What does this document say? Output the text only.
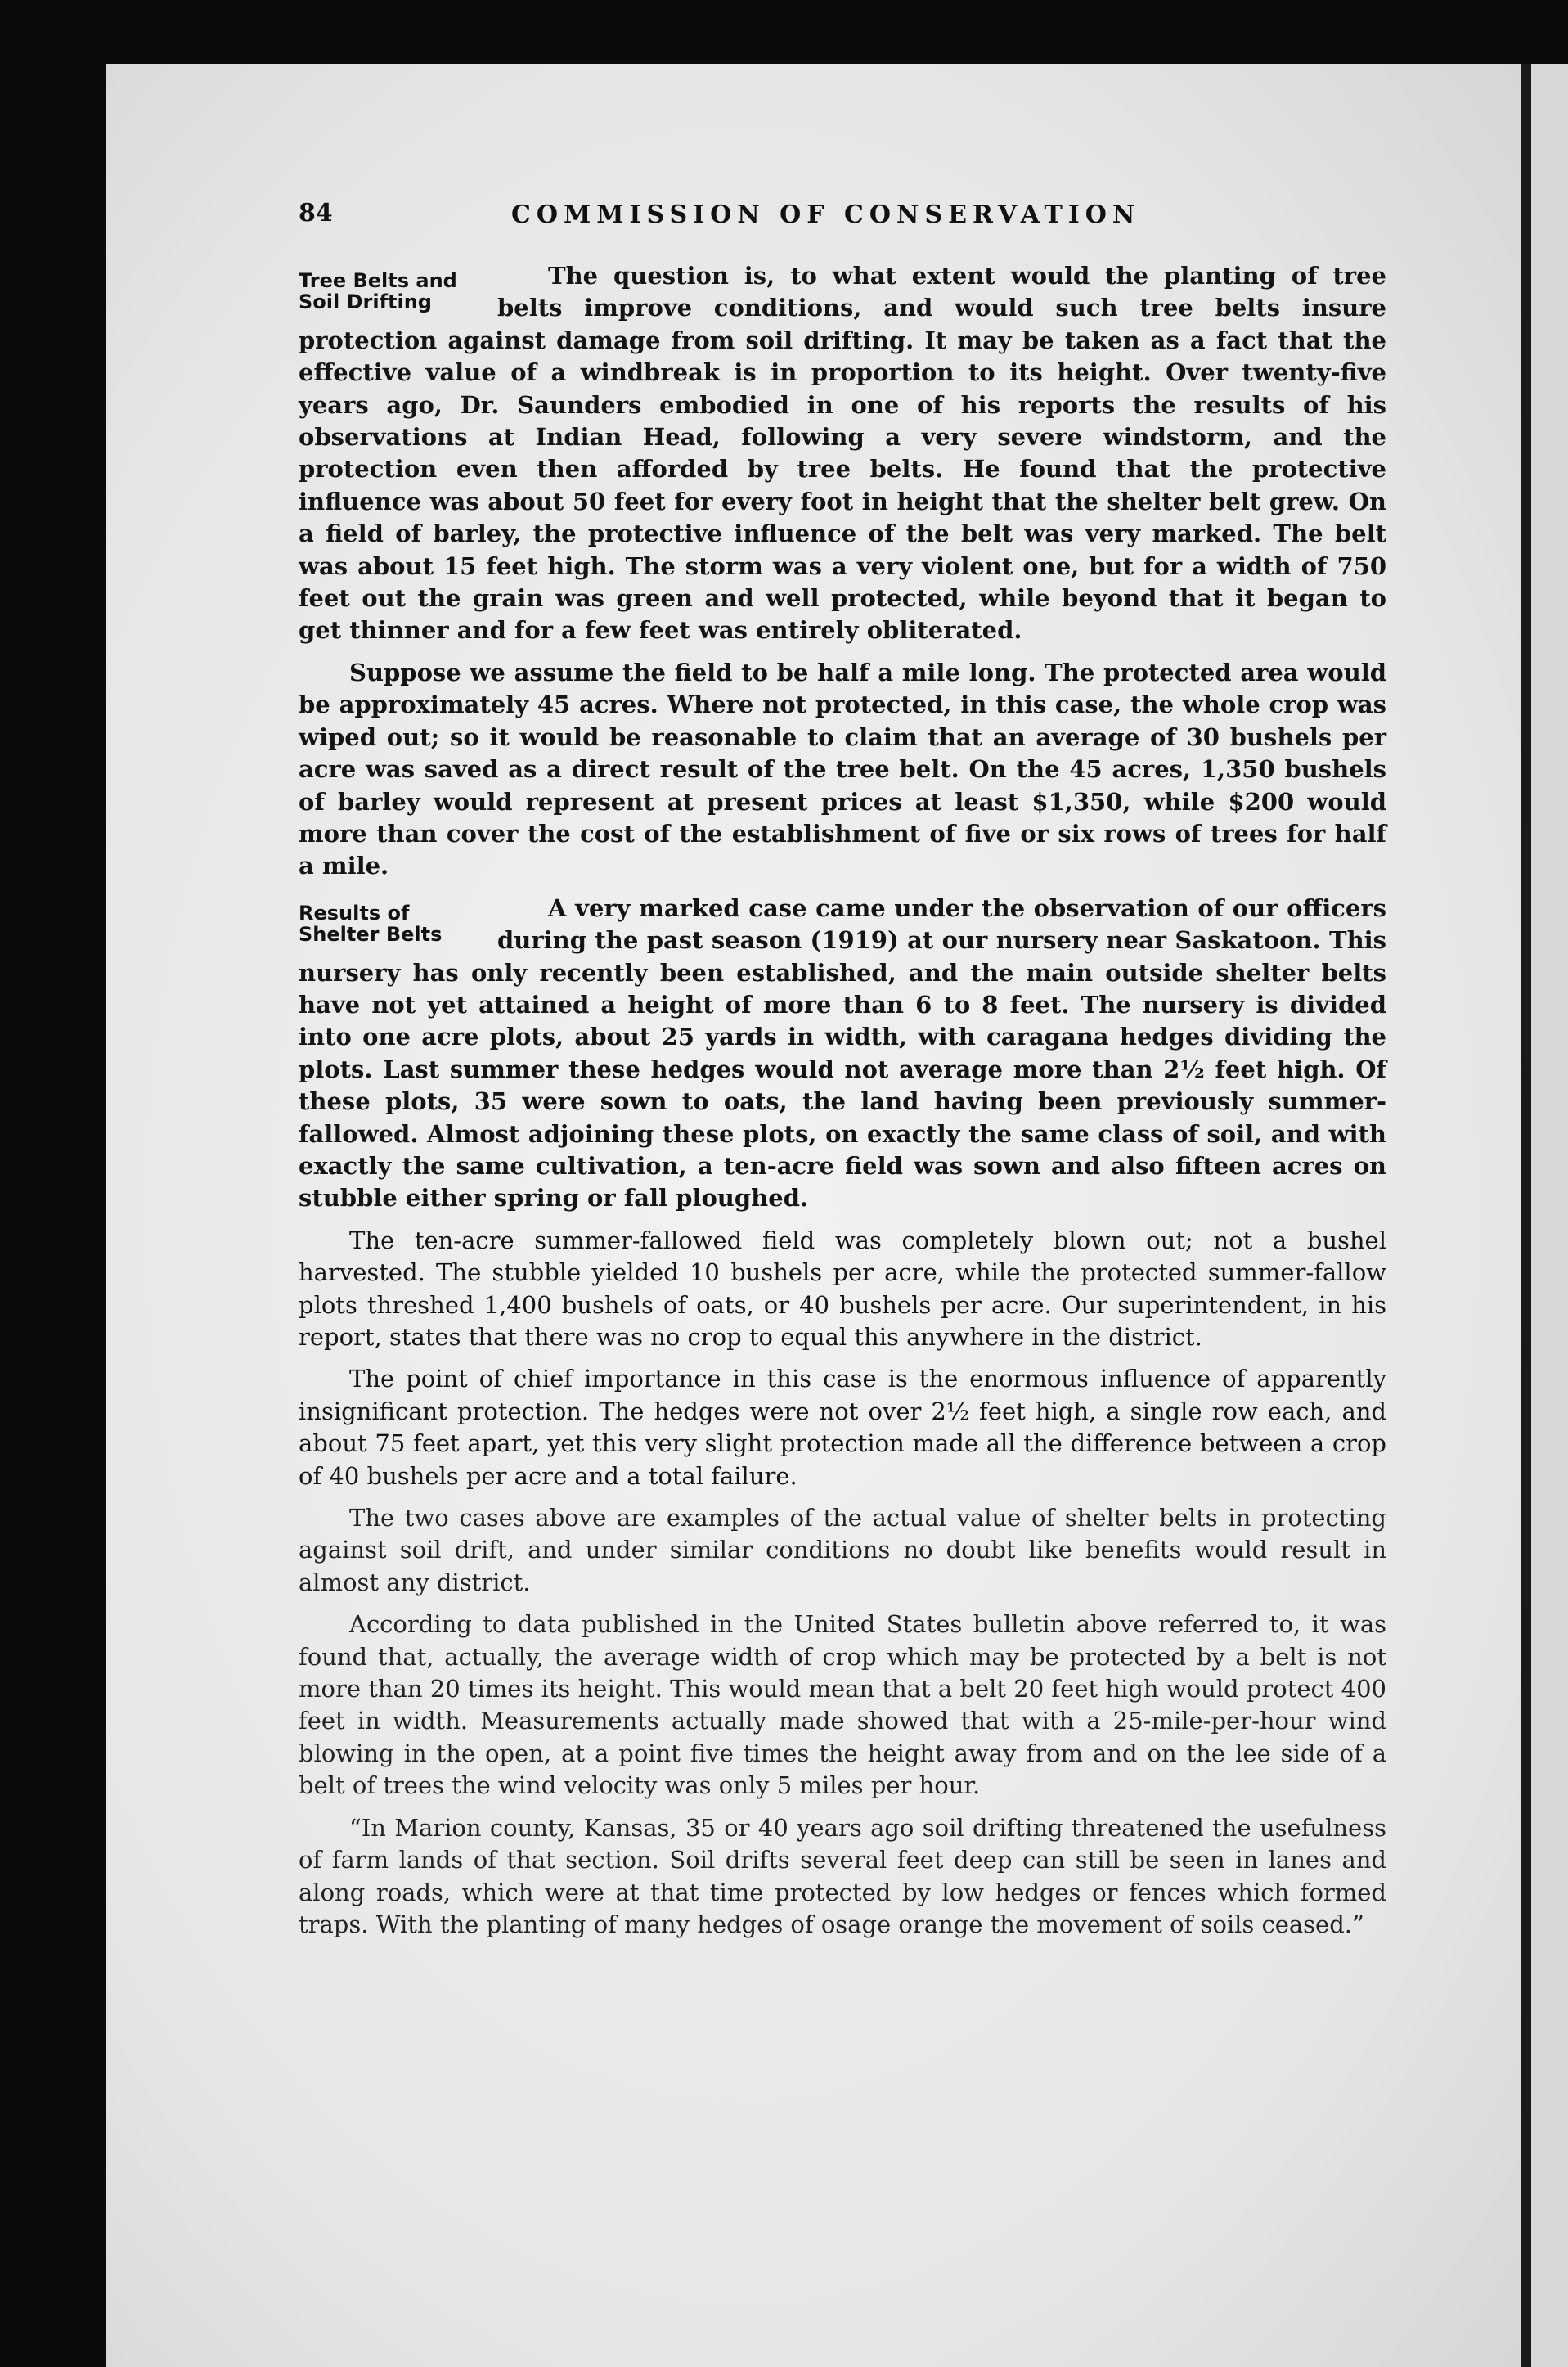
84	COMMISSION OF CONSERVATION

Tree Belts and
Soil Drifting
The question is, to what extent would the planting of tree belts improve conditions, and would such tree belts insure protection against damage from soil drifting. It may be taken as a fact that the effective value of a windbreak is in proportion to its height. Over twenty-five years ago, Dr. Saunders embodied in one of his reports the results of his observations at Indian Head, following a very severe windstorm, and the protection even then afforded by tree belts. He found that the protective influence was about 50 feet for every foot in height that the shelter belt grew. On a field of barley, the protective influence of the belt was very marked. The belt was about 15 feet high. The storm was a very violent one, but for a width of 750 feet out the grain was green and well protected, while beyond that it began to get thinner and for a few feet was entirely obliterated.

Suppose we assume the field to be half a mile long. The protected area would be approximately 45 acres. Where not protected, in this case, the whole crop was wiped out; so it would be reasonable to claim that an average of 30 bushels per acre was saved as a direct result of the tree belt. On the 45 acres, 1,350 bushels of barley would represent at present prices at least $1,350, while $200 would more than cover the cost of the establishment of five or six rows of trees for half a mile.

Results of
Shelter Belts
A very marked case came under the observation of our officers during the past season (1919) at our nursery near Saskatoon. This nursery has only recently been established, and the main outside shelter belts have not yet attained a height of more than 6 to 8 feet. The nursery is divided into one acre plots, about 25 yards in width, with caragana hedges dividing the plots. Last summer these hedges would not average more than 2½ feet high. Of these plots, 35 were sown to oats, the land having been previously summer-fallowed. Almost adjoining these plots, on exactly the same class of soil, and with exactly the same cultivation, a ten-acre field was sown and also fifteen acres on stubble either spring or fall ploughed.

The ten-acre summer-fallowed field was completely blown out; not a bushel harvested. The stubble yielded 10 bushels per acre, while the protected summer-fallow plots threshed 1,400 bushels of oats, or 40 bushels per acre. Our superintendent, in his report, states that there was no crop to equal this anywhere in the district.

The point of chief importance in this case is the enormous influence of apparently insignificant protection. The hedges were not over 2½ feet high, a single row each, and about 75 feet apart, yet this very slight protection made all the difference between a crop of 40 bushels per acre and a total failure.

The two cases above are examples of the actual value of shelter belts in protecting against soil drift, and under similar conditions no doubt like benefits would result in almost any district.

According to data published in the United States bulletin above referred to, it was found that, actually, the average width of crop which may be protected by a belt is not more than 20 times its height. This would mean that a belt 20 feet high would protect 400 feet in width. Measurements actually made showed that with a 25-mile-per-hour wind blowing in the open, at a point five times the height away from and on the lee side of a belt of trees the wind velocity was only 5 miles per hour.

“In Marion county, Kansas, 35 or 40 years ago soil drifting threatened the usefulness of farm lands of that section. Soil drifts several feet deep can still be seen in lanes and along roads, which were at that time protected by low hedges or fences which formed traps. With the planting of many hedges of osage orange the movement of soils ceased.”
